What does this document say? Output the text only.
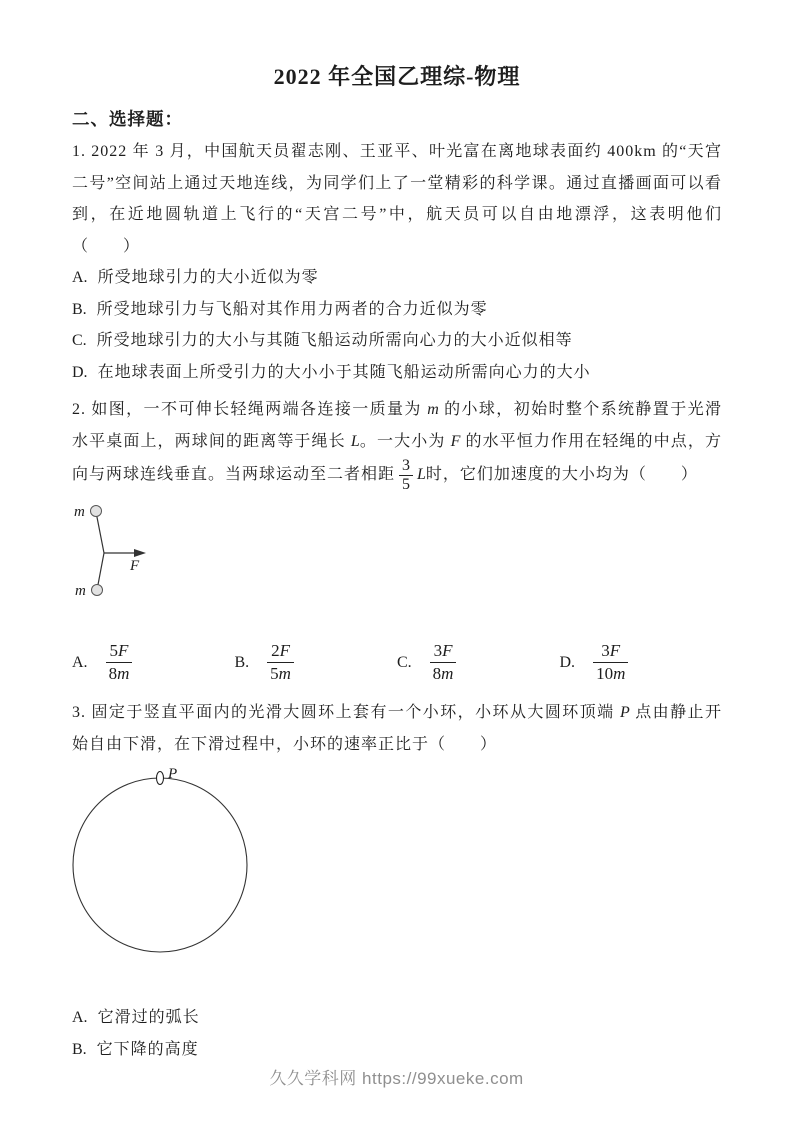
2022 年全国乙理综-物理
二、选择题：

1. 2022 年 3 月，中国航天员翟志刚、王亚平、叶光富在离地球表面约 400km 的“天宫二号”空间站上通过天地连线，为同学们上了一堂精彩的科学课。通过直播画面可以看到，在近地圆轨道上飞行的“天宫二号”中，航天员可以自由地漂浮，这表明他们（　　）

A. 所受地球引力的大小近似为零
B. 所受地球引力与飞船对其作用力两者的合力近似为零
C. 所受地球引力的大小与其随飞船运动所需向心力的大小近似相等
D. 在地球表面上所受引力的大小小于其随飞船运动所需向心力的大小

2. 如图，一不可伸长轻绳两端各连接一质量为 m 的小球，初始时整个系统静置于光滑水平桌面上，两球间的距离等于绳长 L。一大小为 F 的水平恒力作用在轻绳的中点，方向与两球连线垂直。当两球运动至二者相距 $\frac{3}{5}$ L时，它们加速度的大小均为（　　）

m
m
F
A. $\frac{5F}{8m}$	B. $\frac{2F}{5m}$	C. $\frac{3F}{8m}$	D. $\frac{3F}{10m}$

3. 固定于竖直平面内的光滑大圆环上套有一个小环，小环从大圆环顶端 P 点由静止开始自由下滑，在下滑过程中，小环的速率正比于（　　）

P
A. 它滑过的弧长
B. 它下降的高度
久久学科网 https://99xueke.com
